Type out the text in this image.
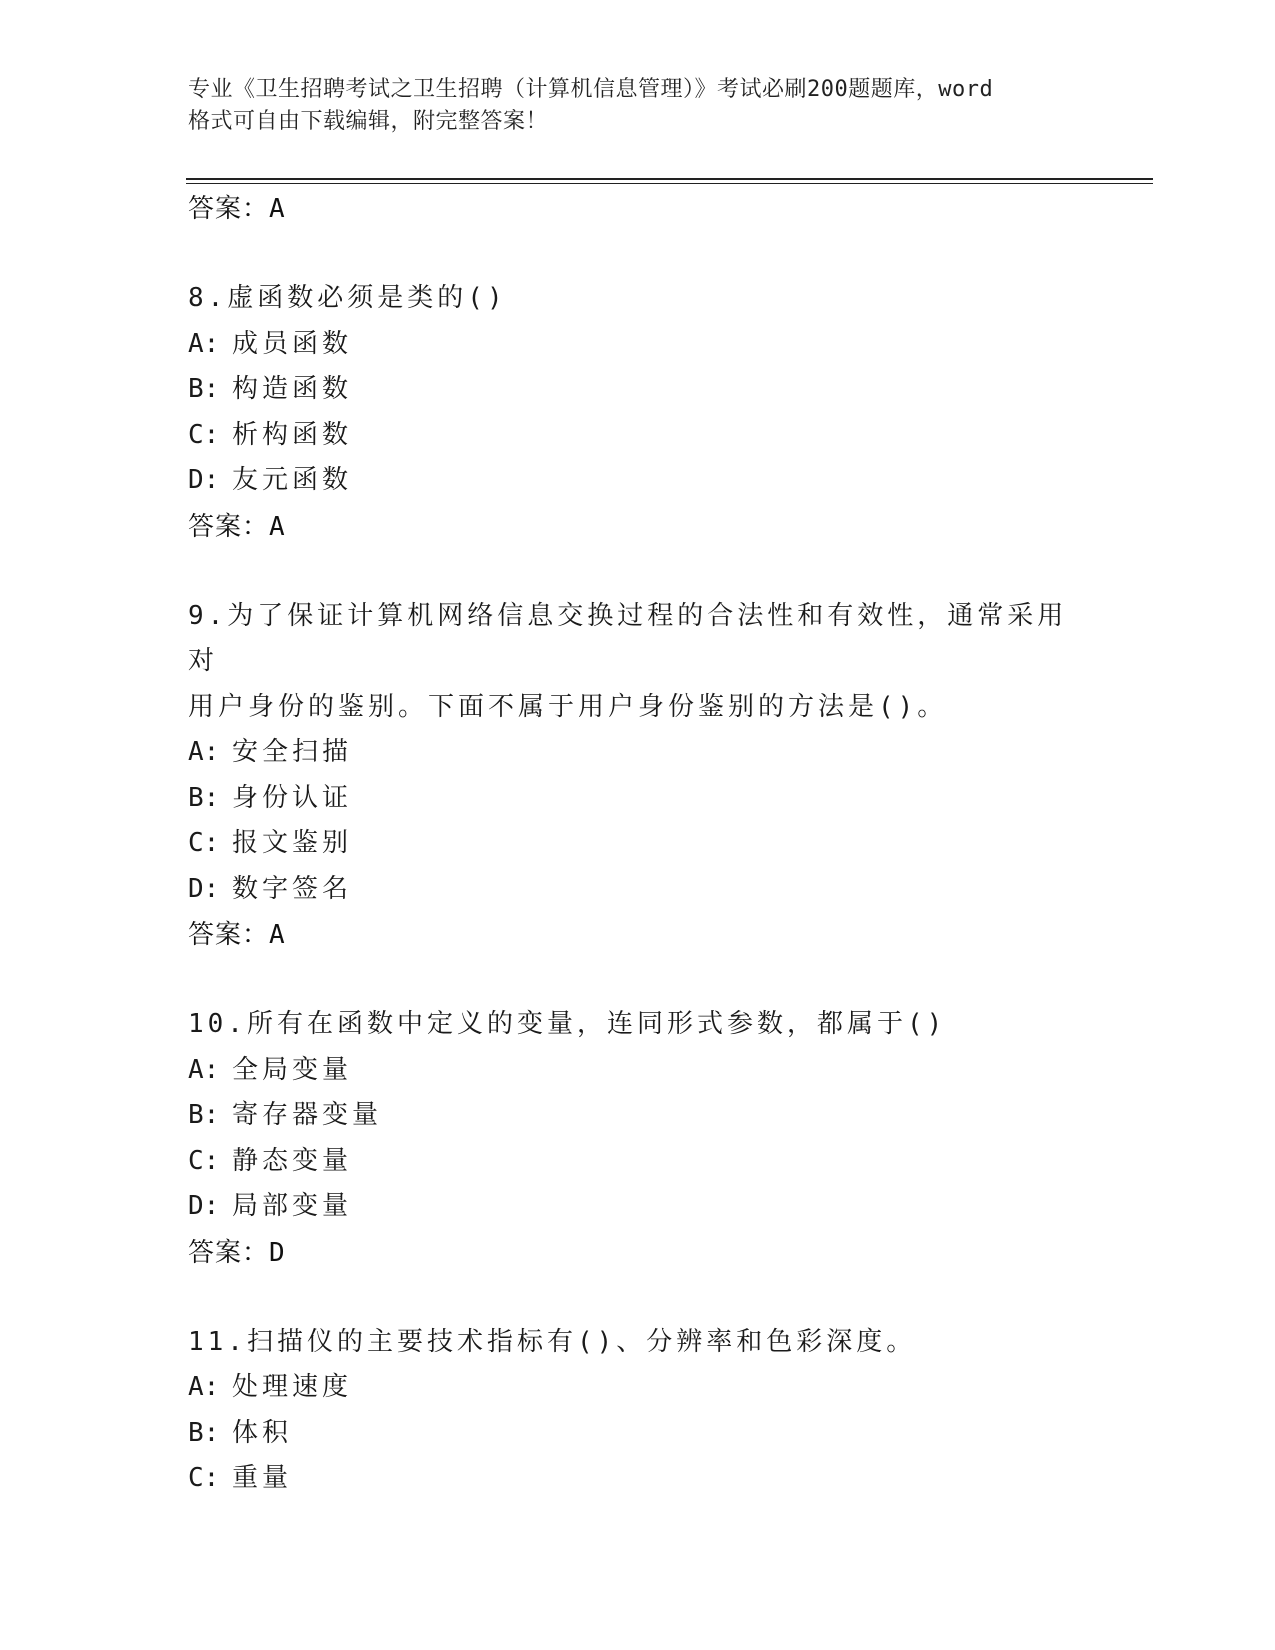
专业《卫生招聘考试之卫生招聘（计算机信息管理）》考试必刷200题题库，word
格式可自由下载编辑，附完整答案！
答案：A
8.虚函数必须是类的()
A: 成员函数
B: 构造函数
C: 析构函数
D: 友元函数
答案：A
9.为了保证计算机网络信息交换过程的合法性和有效性，通常采用对
用户身份的鉴别。下面不属于用户身份鉴别的方法是()。
A: 安全扫描
B: 身份认证
C: 报文鉴别
D: 数字签名
答案：A
10.所有在函数中定义的变量，连同形式参数，都属于()
A: 全局变量
B: 寄存器变量
C: 静态变量
D: 局部变量
答案：D
11.扫描仪的主要技术指标有()、分辨率和色彩深度。
A: 处理速度
B: 体积
C: 重量
